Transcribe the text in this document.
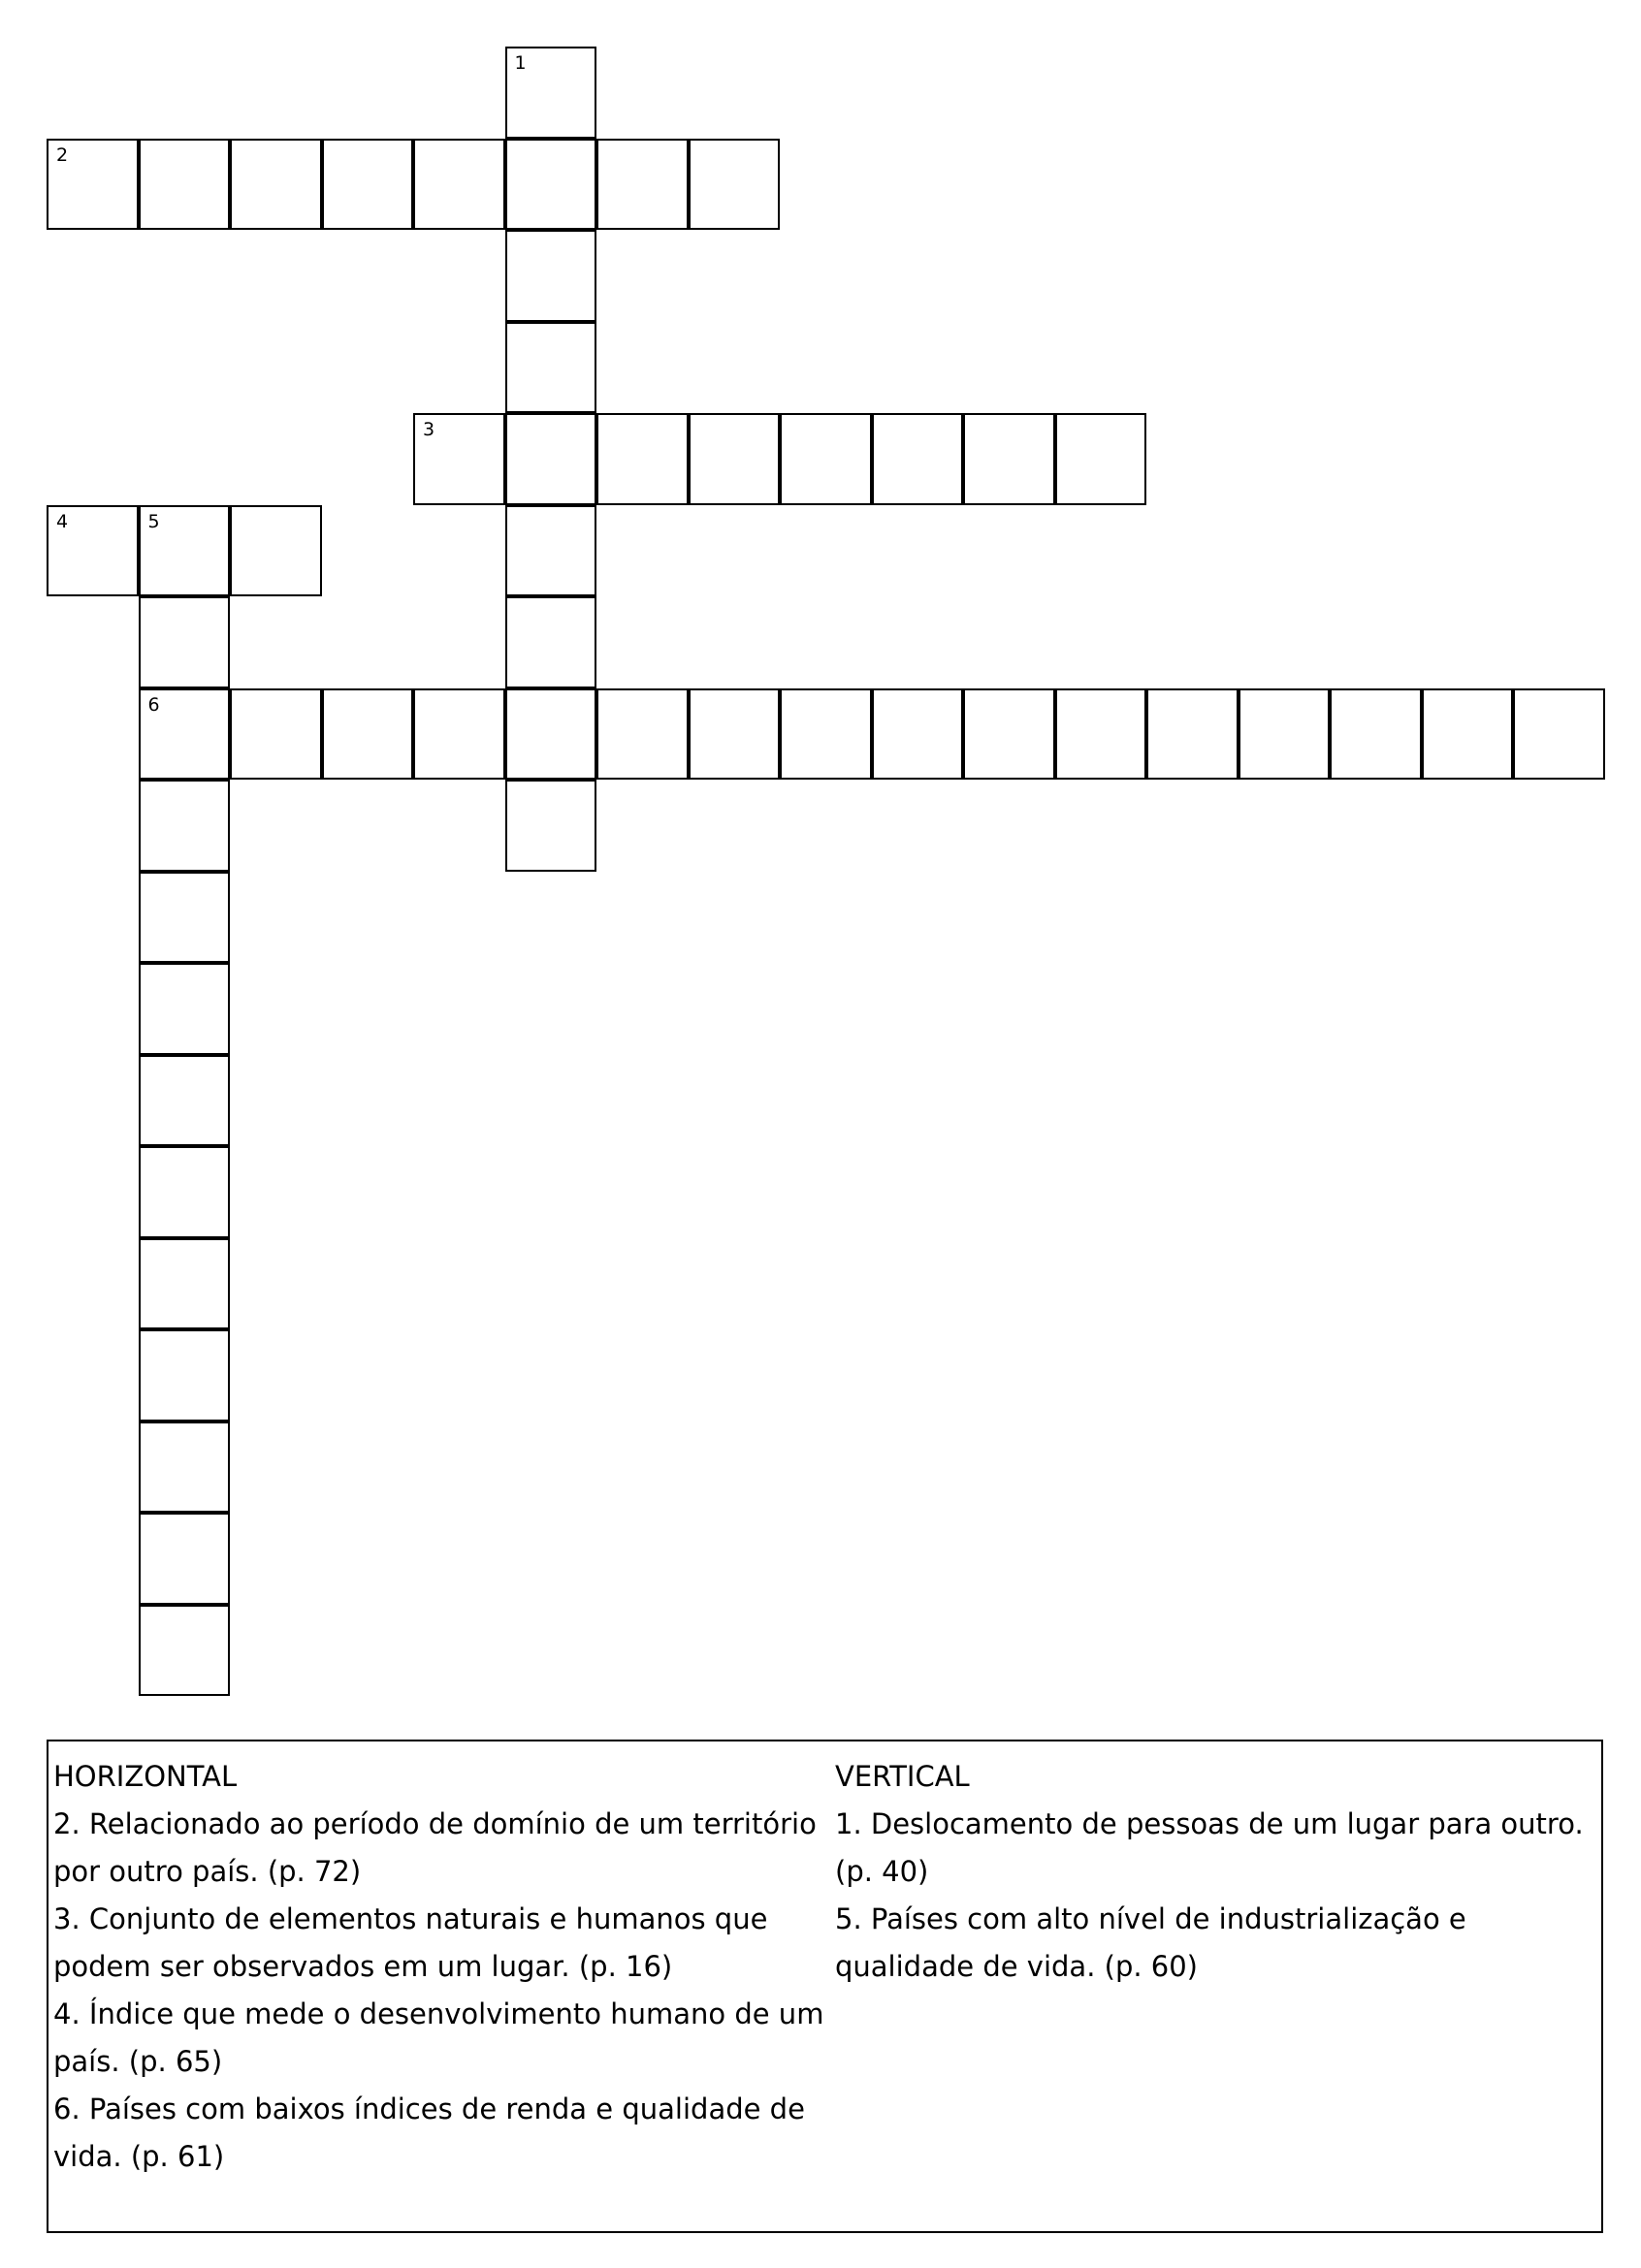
1
2
3
4	5
6
HORIZONTAL
2. Relacionado ao período de domínio de um território por outro país. (p. 72)
3. Conjunto de elementos naturais e humanos que podem ser observados em um lugar. (p. 16)
4. Índice que mede o desenvolvimento humano de um país. (p. 65)
6. Países com baixos índices de renda e qualidade de vida. (p. 61)
VERTICAL
1. Deslocamento de pessoas de um lugar para outro. (p. 40)
5. Países com alto nível de industrialização e qualidade de vida. (p. 60)
